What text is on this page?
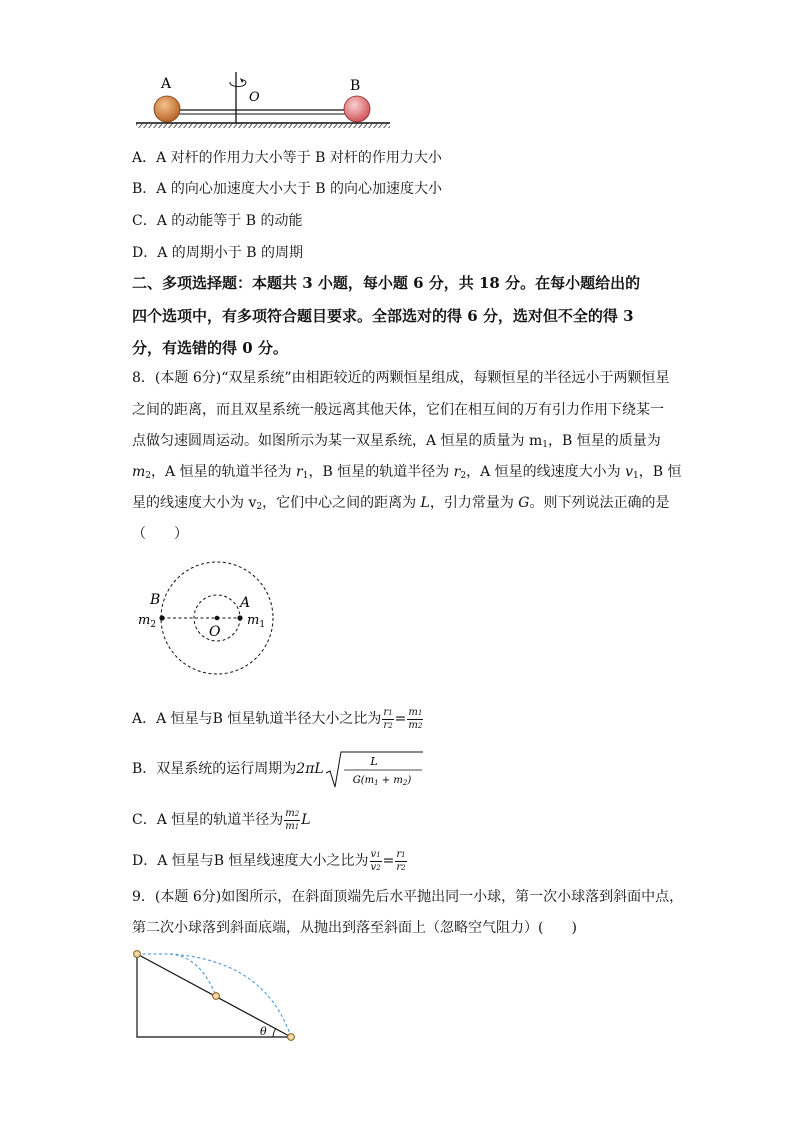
A	B
O
A．A 对杆的作用力大小等于 B 对杆的作用力大小
B．A 的向心加速度大小大于 B 的向心加速度大小
C．A 的动能等于 B 的动能
D．A 的周期小于 B 的周期
二、多项选择题：本题共 3 小题，每小题 6 分，共 18 分。在每小题给出的
四个选项中，有多项符合题目要求。全部选对的得 6 分，选对但不全的得 3
分，有选错的得 0 分。
8．(本题 6分)“双星系统”由相距较近的两颗恒星组成，每颗恒星的半径远小于两颗恒星
之间的距离，而且双星系统一般远离其他天体，它们在相互间的万有引力作用下绕某一
点做匀速圆周运动。如图所示为某一双星系统，A 恒星的质量为 $m_1$，B 恒星的质量为
$m_2$，A 恒星的轨道半径为 $r_1$，B 恒星的轨道半径为 $r_2$，A 恒星的线速度大小为 $v_1$，B 恒
星的线速度大小为 $v_2$，它们中心之间的距离为 L，引力常量为 G。则下列说法正确的是
（　　）
B	A
O
$m_2$	$m_1$
A．A 恒星与B 恒星轨道半径大小之比为 $\frac{r1}{r2} = \frac{m1}{m2}$
B．双星系统的运行周期为2πL	L
$G(m_1 + m_2)$
C．A 恒星的轨道半径为 $\frac{m2}{m1}$ L
D．A 恒星与B 恒星线速度大小之比为 $\frac{v1}{v2} = \frac{r1}{r2}$
9．(本题 6分)如图所示，在斜面顶端先后水平抛出同一小球，第一次小球落到斜面中点，
第二次小球落到斜面底端，从抛出到落至斜面上（忽略空气阻力）(　　)
θ
